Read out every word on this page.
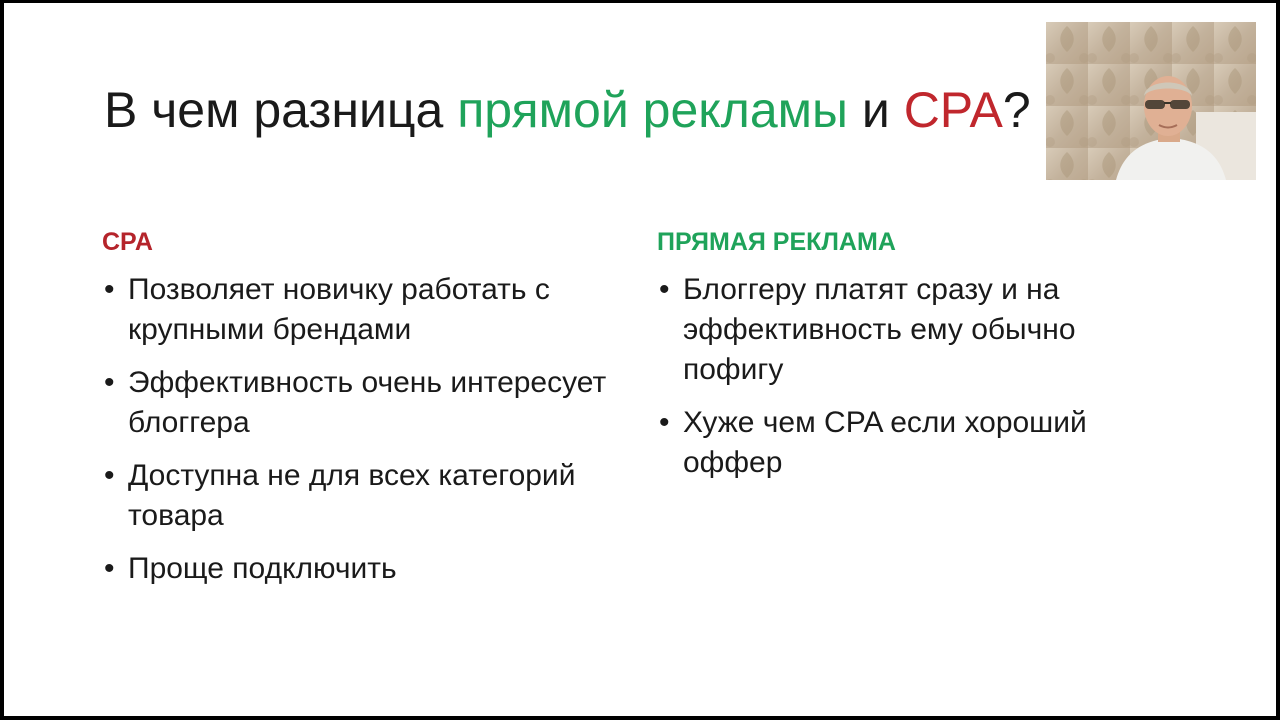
В чем разница прямой рекламы и CPA?
CPA
• Позволяет новичку работать с крупными брендами
• Эффективность очень интересует блоггера
• Доступна не для всех категорий товара
• Проще подключить
ПРЯМАЯ РЕКЛАМА
• Блоггеру платят сразу и на эффективность ему обычно пофигу
• Хуже чем CPA если хороший оффер
